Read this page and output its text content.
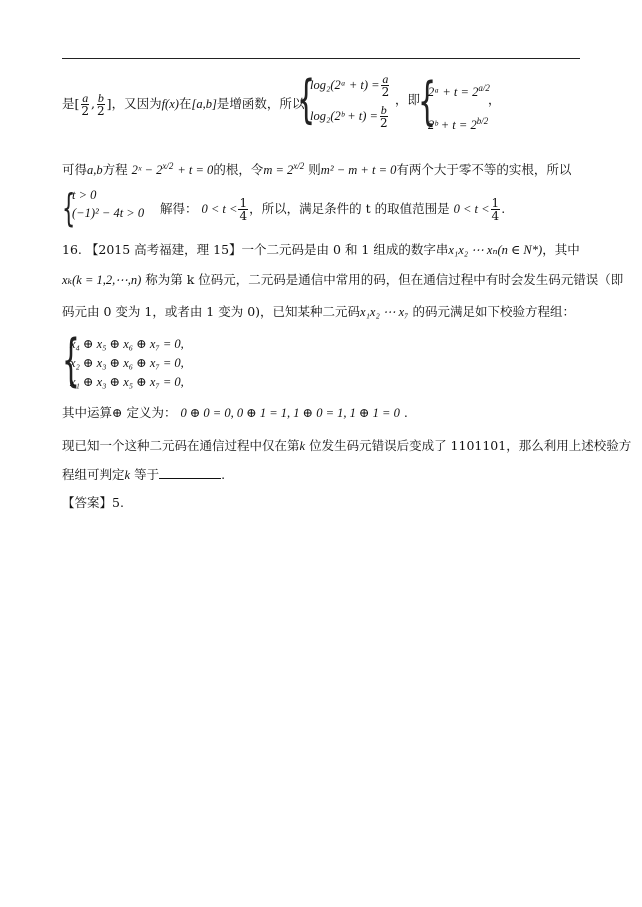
是[ $\frac{a}{2}$ , $\frac{b}{2}$ ]，又因为f(x)在[a,b]是增函数，所以
{
log₂(2ᵃ + $t) = \frac{a}{2}$
log₂(2ᵇ + $t) = \frac{b}{2}$
，即
{
2ᵃ + $t = 2^{a/2}$
2ᵇ + $t = 2^{b/2}$
，
可得a,b方程 2ˣ − $2^{x/2} + t = 0$的根，令$m = 2^{x/2}$ 则m² − m + t = 0有两个大于零不等的实根，所以
{
t > 0
(−1)² − 4t > 0 解得： $0 < t < \frac{1}{4}$ ，所以，满足条件的 t 的取值范围是 $0 < t < \frac{1}{4}$ .
16. 【2015 高考福建，理 15】一个二元码是由 0 和 1 组成的数字串x₁x₂ ⋯ xₙ(n ∈ N*)，其中
xₖ(k = 1,2,⋯,n) 称为第 k 位码元，二元码是通信中常用的码，但在通信过程中有时会发生码元错误（即
码元由 0 变为 1，或者由 1 变为 0)，已知某种二元码x₁x₂ ⋯ x₇ 的码元满足如下校验方程组：
{
x₄ ⊕ x₅ ⊕ x₆ ⊕ x₇ = 0,
x₂ ⊕ x₃ ⊕ x₆ ⊕ x₇ = 0,
x₁ ⊕ x₃ ⊕ x₅ ⊕ x₇ = 0,
其中运算⊕ 定义为： 0 ⊕ 0 = 0, 0 ⊕ 1 = 1, 1 ⊕ 0 = 1, 1 ⊕ 1 = 0 .
现已知一个这种二元码在通信过程中仅在第k 位发生码元错误后变成了 1101101，那么利用上述校验方
程组可判定k 等于	.
【答案】5.
